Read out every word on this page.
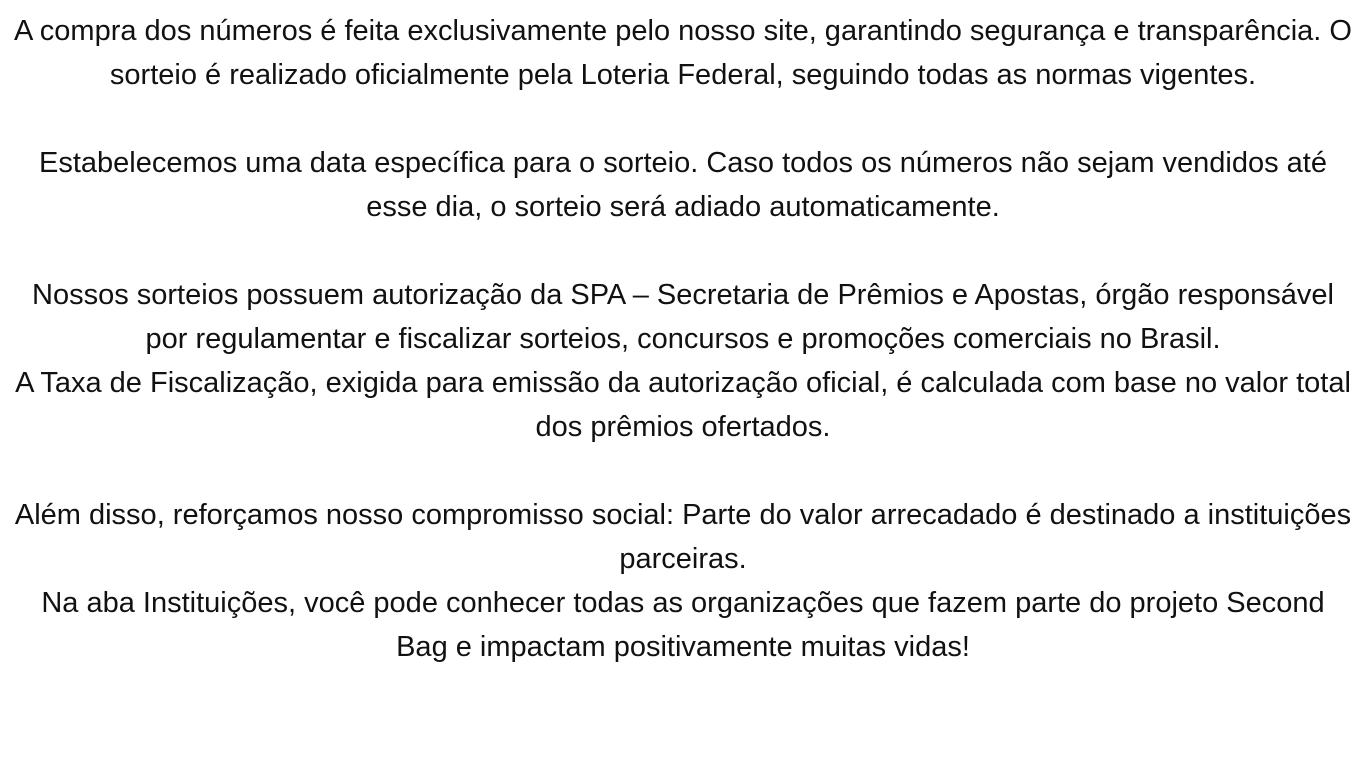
A compra dos números é feita exclusivamente pelo nosso site, garantindo segurança e transparência. O sorteio é realizado oficialmente pela Loteria Federal, seguindo todas as normas vigentes.

Estabelecemos uma data específica para o sorteio. Caso todos os números não sejam vendidos até esse dia, o sorteio será adiado automaticamente.

Nossos sorteios possuem autorização da SPA – Secretaria de Prêmios e Apostas, órgão responsável por regulamentar e fiscalizar sorteios, concursos e promoções comerciais no Brasil.

A Taxa de Fiscalização, exigida para emissão da autorização oficial, é calculada com base no valor total dos prêmios ofertados.

Além disso, reforçamos nosso compromisso social: Parte do valor arrecadado é destinado a instituições parceiras.

Na aba Instituições, você pode conhecer todas as organizações que fazem parte do projeto Second Bag e impactam positivamente muitas vidas!
